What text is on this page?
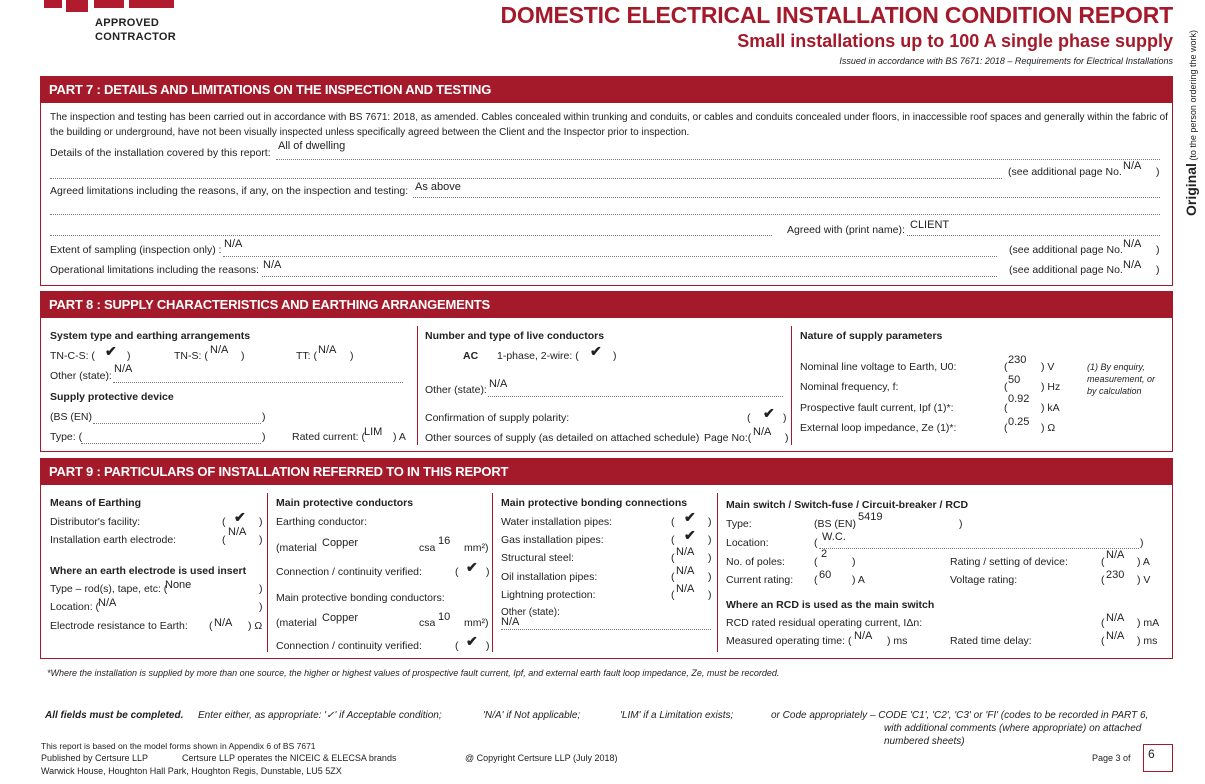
APPROVED
CONTRACTOR
DOMESTIC ELECTRICAL INSTALLATION CONDITION REPORT
Small installations up to 100 A single phase supply
Issued in accordance with BS 7671: 2018 – Requirements for Electrical Installations
Original (to the person ordering the work)
PART 7 : DETAILS AND LIMITATIONS ON THE INSPECTION AND TESTING
The inspection and testing has been carried out in accordance with BS 7671: 2018, as amended. Cables concealed within trunking and conduits, or cables and conduits concealed under floors, in inaccessible roof spaces and generally within the fabric of
the building or underground, have not been visually inspected unless specifically agreed between the Client and the Inspector prior to inspection.
Details of the installation covered by this report:
All of dwelling
(see additional page No. N/A )
Agreed limitations including the reasons, if any, on the inspection and testing: As above
Agreed with (print name): CLIENT
Extent of sampling (inspection only) : N/A	(see additional page No. N/A )
Operational limitations including the reasons: N/A	(see additional page No. N/A )
PART 8 : SUPPLY CHARACTERISTICS AND EARTHING ARRANGEMENTS
System type and earthing arrangements
TN-C-S: ( ✔ )	TN-S: ( N/A )	TT: ( N/A )
Other (state):
N/A
Supply protective device
(BS (EN)	)
Type: (	)	Rated current: ( LIM ) A
Number and type of live conductors
AC 1-phase, 2-wire: ( ✔ )
Other (state): N/A
Confirmation of supply polarity:	( ✔ )
Other sources of supply (as detailed on attached schedule) Page No:( N/A )
Nature of supply parameters
Nominal line voltage to Earth, U0:	(
230
) V
Nominal frequency, f:	(
50
) Hz
Prospective fault current, Ipf (1)*:	(
0.92
) kA
External loop impedance, Ze (1)*:	( 0.25 ) Ω
(1) By enquiry, measurement, or by calculation
PART 9 : PARTICULARS OF INSTALLATION REFERRED TO IN THIS REPORT
Means of Earthing
Distributor's facility:	( ✔ )
Installation earth electrode:	(
N/A
)
Where an earth electrode is used insert
Type – rod(s), tape, etc: (
None	)
Location: (
N/A	)
Electrode resistance to Earth: ( N/A ) Ω
Main protective conductors
Earthing conductor:
(material Copper	csa
16
mm²)
Connection / continuity verified:	( ✔ )
Main protective bonding conductors:
(material Copper	csa 10 mm²)
Connection / continuity verified:	( ✔ )
Main protective bonding connections
Water installation pipes:	( ✔ )
Gas installation pipes:	( ✔ )
Structural steel:	( N/A )
Oil installation pipes:	( N/A )
Lightning protection:	( N/A )
Other (state):
N/A
Main switch / Switch-fuse / Circuit-breaker / RCD
Type:	(BS (EN)
5419
)
Location:	( W.C.	)
No. of poles:	(
2
)	Rating / setting of device:	(
N/A
) A
Current rating: ( 60 ) A	Voltage rating:	( 230 ) V
Where an RCD is used as the main switch
RCD rated residual operating current, IΔn:	( N/A ) mA
Measured operating time: ( N/A ) ms	Rated time delay:	( N/A ) ms
*Where the installation is supplied by more than one source, the higher or highest values of prospective fault current, Ipf, and external earth fault loop impedance, Ze, must be recorded.
All fields must be completed. Enter either, as appropriate: '✓' if Acceptable condition;	'N/A' if Not applicable;	'LIM' if a Limitation exists;	or Code appropriately – CODE 'C1', 'C2', 'C3' or 'FI' (codes to be recorded in PART 6,
with additional comments (where appropriate) on attached
numbered sheets)
This report is based on the model forms shown in Appendix 6 of BS 7671
Published by Certsure LLP	Certsure LLP operates the NICEIC & ELECSA brands	@ Copyright Certsure LLP (July 2018)
Warwick House, Houghton Hall Park, Houghton Regis, Dunstable, LU5 5ZX
Page 3 of	6
